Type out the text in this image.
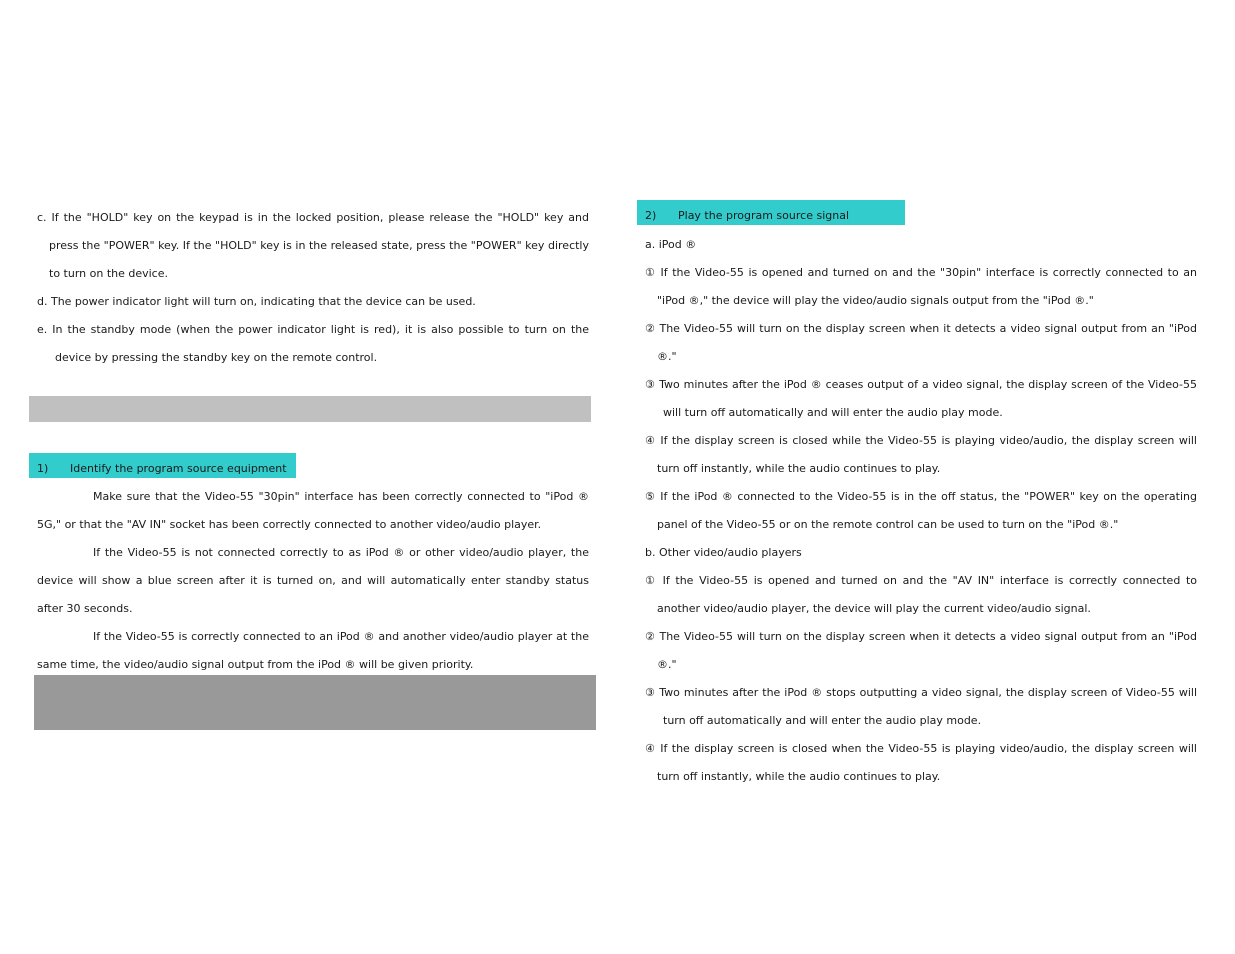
c. If the "HOLD" key on the keypad is in the locked position, please release the "HOLD" key and press the "POWER" key. If the "HOLD" key is in the released state, press the "POWER" key directly to turn on the device.

d. The power indicator light will turn on, indicating that the device can be used.

e. In the standby mode (when the power indicator light is red), it is also possible to turn on the device by pressing the standby key on the remote control.

1) Identify the program source equipment

Make sure that the Video-55 "30pin" interface has been correctly connected to "iPod ® 5G," or that the "AV IN" socket has been correctly connected to another video/audio player.

If the Video-55 is not connected correctly to as iPod ® or other video/audio player, the device will show a blue screen after it is turned on, and will automatically enter standby status after 30 seconds.

If the Video-55 is correctly connected to an iPod ® and another video/audio player at the same time, the video/audio signal output from the iPod ® will be given priority.

2) Play the program source signal

a. iPod ®

① If the Video-55 is opened and turned on and the "30pin" interface is correctly connected to an "iPod ®," the device will play the video/audio signals output from the "iPod ®."

② The Video-55 will turn on the display screen when it detects a video signal output from an "iPod ®."

③ Two minutes after the iPod ® ceases output of a video signal, the display screen of the Video-55 will turn off automatically and will enter the audio play mode.

④ If the display screen is closed while the Video-55 is playing video/audio, the display screen will turn off instantly, while the audio continues to play.

⑤ If the iPod ® connected to the Video-55 is in the off status, the "POWER" key on the operating panel of the Video-55 or on the remote control can be used to turn on the "iPod ®."

b. Other video/audio players

① If the Video-55 is opened and turned on and the "AV IN" interface is correctly connected to another video/audio player, the device will play the current video/audio signal.

② The Video-55 will turn on the display screen when it detects a video signal output from an "iPod ®."

③ Two minutes after the iPod ® stops outputting a video signal, the display screen of Video-55 will turn off automatically and will enter the audio play mode.

④ If the display screen is closed when the Video-55 is playing video/audio, the display screen will turn off instantly, while the audio continues to play.
